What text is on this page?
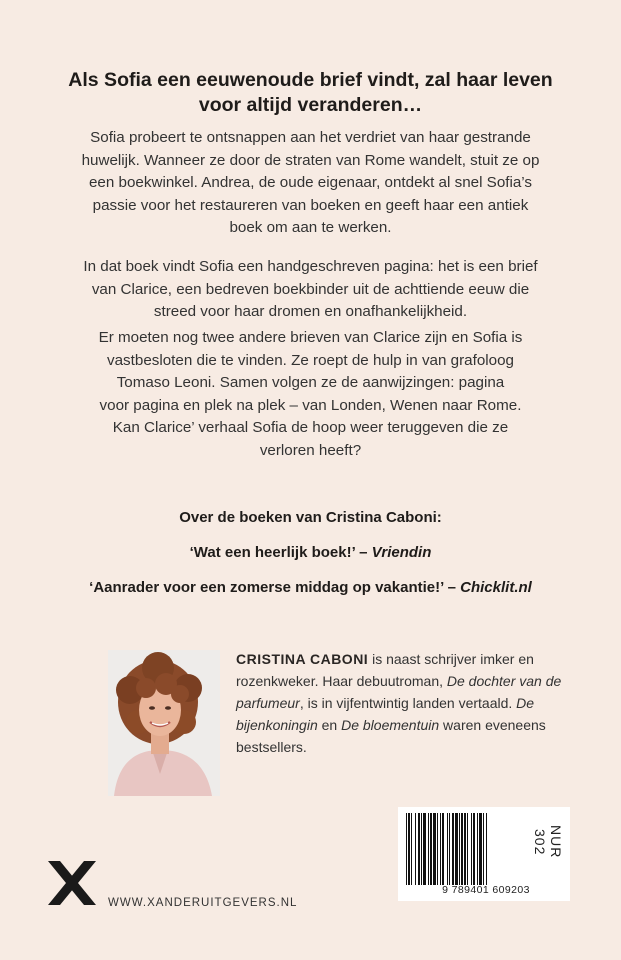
Als Sofia een eeuwenoude brief vindt, zal haar leven
voor altijd veranderen…
Sofia probeert te ontsnappen aan het verdriet van haar gestrande
huwelijk. Wanneer ze door de straten van Rome wandelt, stuit ze op
een boekwinkel. Andrea, de oude eigenaar, ontdekt al snel Sofia’s
passie voor het restaureren van boeken en geeft haar een antiek
boek om aan te werken.
In dat boek vindt Sofia een handgeschreven pagina: het is een brief
van Clarice, een bedreven boekbinder uit de achttiende eeuw die
streed voor haar dromen en onafhankelijkheid.
Er moeten nog twee andere brieven van Clarice zijn en Sofia is
vastbesloten die te vinden. Ze roept de hulp in van grafoloog
Tomaso Leoni. Samen volgen ze de aanwijzingen: pagina
voor pagina en plek na plek – van Londen, Wenen naar Rome.
Kan Clarice’ verhaal Sofia de hoop weer teruggeven die ze
verloren heeft?
Over de boeken van Cristina Caboni:
‘Wat een heerlijk boek!’ – Vriendin
‘Aanrader voor een zomerse middag op vakantie!’ – Chicklit.nl

CRISTINA CABONI is naast schrijver imker en rozenkweker. Haar debuutroman, De dochter van de parfumeur, is in vijfentwintig landen vertaald. De bijenkoningin en De bloementuin waren eveneens bestsellers.

NUR 302
9 789401 609203
WWW.XANDERUITGEVERS.NL
